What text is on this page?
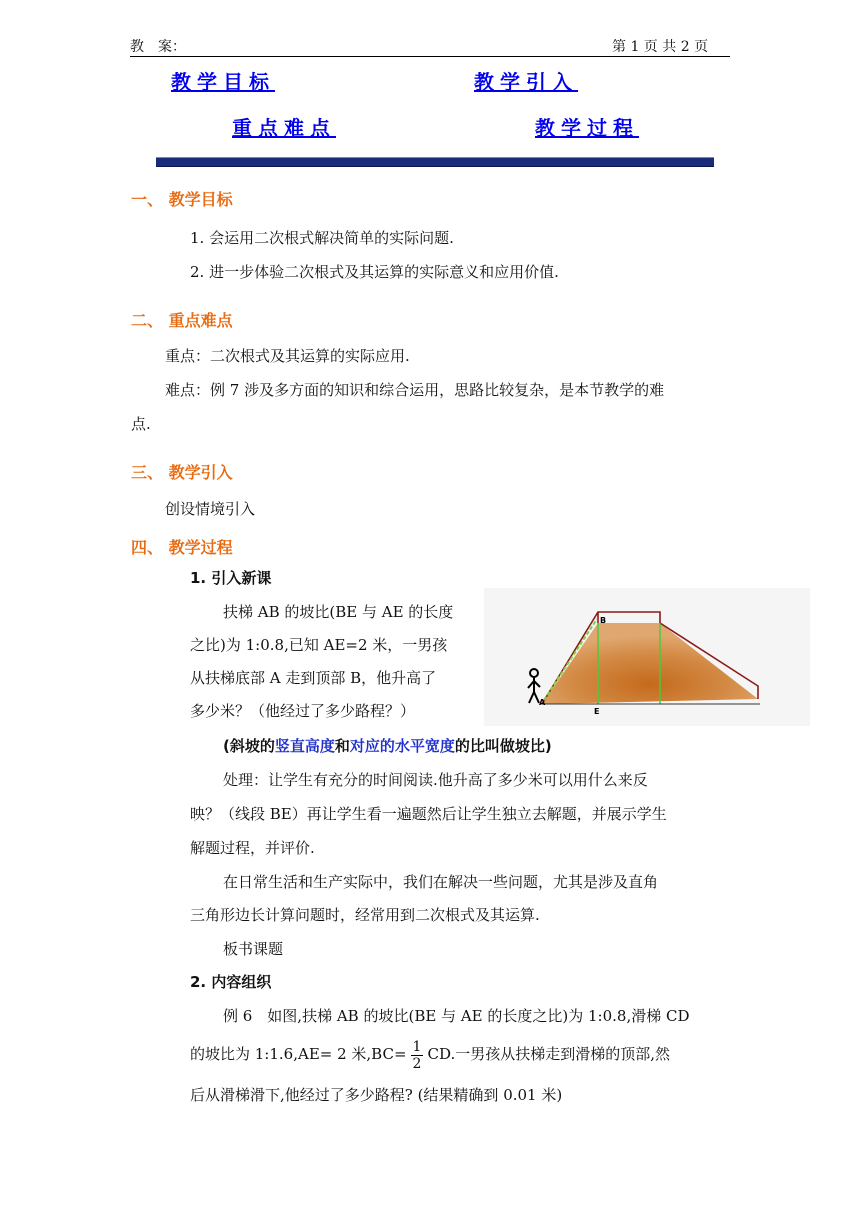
教　案：	第 1 页 共 2 页
教学目标	教学引入
重点难点	教学过程
一、 教学目标
1. 会运用二次根式解决简单的实际问题.
2. 进一步体验二次根式及其运算的实际意义和应用价值.
二、 重点难点
重点：二次根式及其运算的实际应用.
难点：例 7 涉及多方面的知识和综合运用，思路比较复杂，是本节教学的难
点.
三、 教学引入
创设情境引入
四、 教学过程
1. 引入新课
扶梯 AB 的坡比(BE 与 AE 的长度
之比)为 1:0.8,已知 AE=2 米，一男孩
从扶梯底部 A 走到顶部 B，他升高了
多少米？（他经过了多少路程？）	A
B
E
(斜坡的竖直高度和对应的水平宽度的比叫做坡比)
处理：让学生有充分的时间阅读.他升高了多少米可以用什么来反
映？（线段 BE）再让学生看一遍题然后让学生独立去解题，并展示学生
解题过程，并评价.
在日常生活和生产实际中，我们在解决一些问题，尤其是涉及直角
三角形边长计算问题时，经常用到二次根式及其运算.
板书课题
2. 内容组织
例 6　如图,扶梯 AB 的坡比(BE 与 AE 的长度之比)为 1:0.8,滑梯 CD
的坡比为 1:1.6,AE= 2 米$,BC= \frac{1}{2}$ CD.一男孩从扶梯走到滑梯的顶部,然
后从滑梯滑下,他经过了多少路程? (结果精确到 0.01 米)
